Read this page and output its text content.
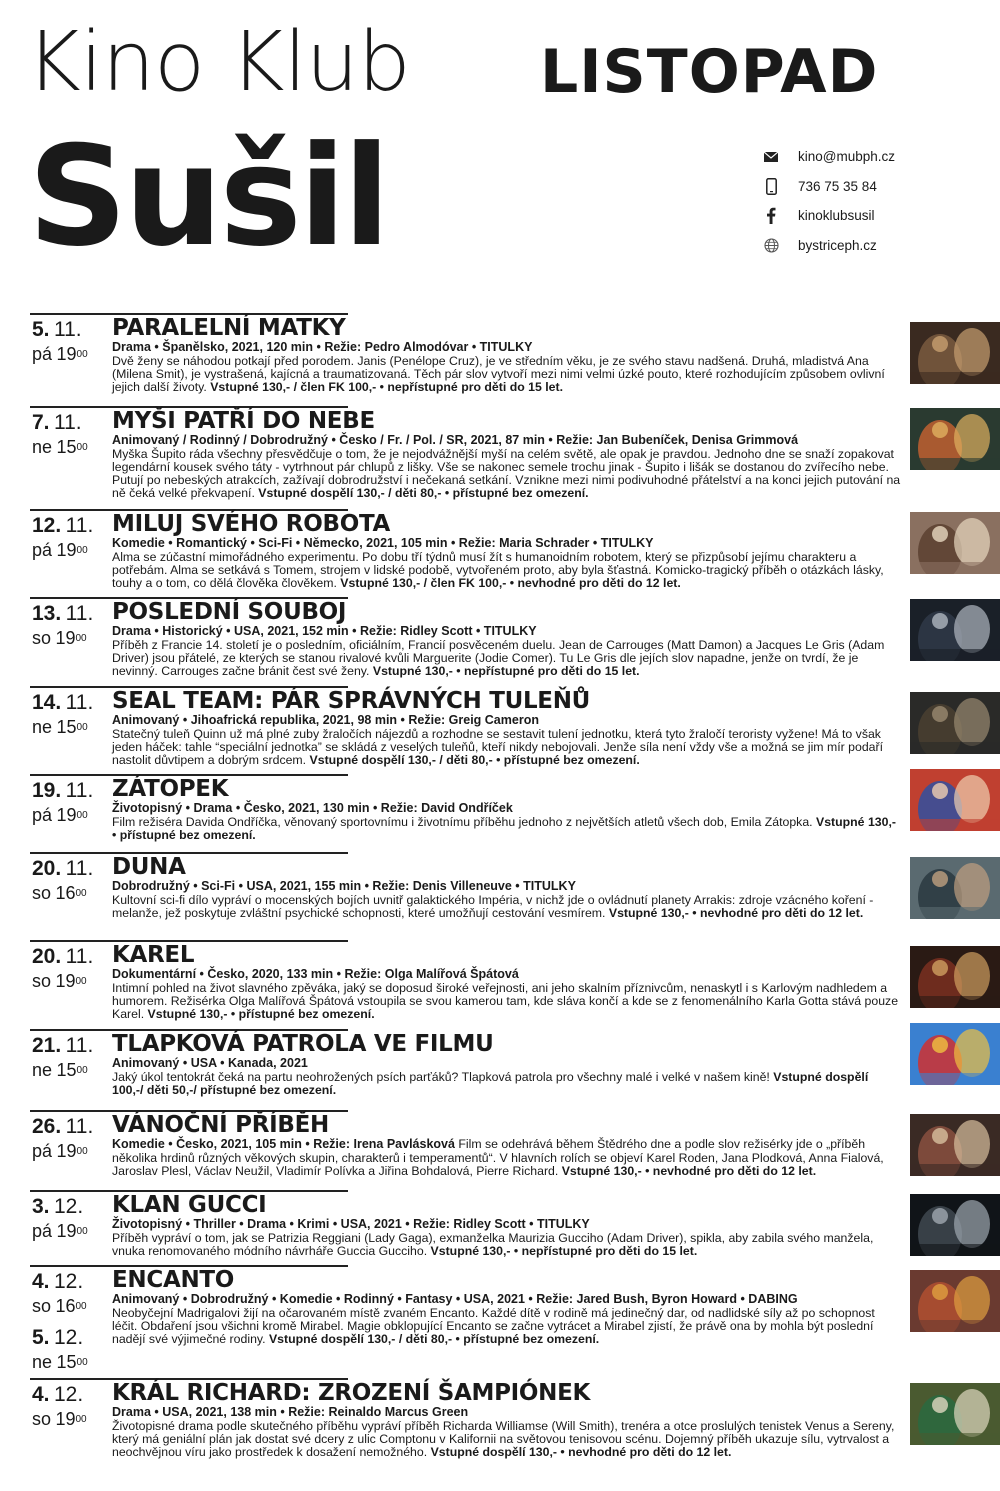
Kino Klub LISTOPAD
Sušil	kino@mubph.cz
736 75 35 84
kinoklubsusil
bystriceph.cz
5. 11.
pá $19^{00}$
PARALELNÍ MATKY
Drama • Španělsko, 2021, 120 min • Režie: Pedro Almodóvar • TITULKY
Dvě ženy se náhodou potkají před porodem. Janis (Penélope Cruz), je ve středním věku, je ze svého stavu nadšená. Druhá, mladistvá Ana (Milena Smit), je vystrašená, kajícná a traumatizovaná. Těch pár slov vytvoří mezi nimi velmi úzké pouto, které rozhodujícím způsobem ovlivní jejich další životy. Vstupné 130,- / člen FK 100,- • nepřístupné pro děti do 15 let.
7. 11.
ne $15^{00}$
MYŠI PATŘÍ DO NEBE
Animovaný / Rodinný / Dobrodružný • Česko / Fr. / Pol. / SR, 2021, 87 min • Režie: Jan Bubeníček, Denisa Grimmová
Myška Šupito ráda všechny přesvědčuje o tom, že je nejodvážnější myší na celém světě, ale opak je pravdou. Jednoho dne se snaží zopakovat legendární kousek svého táty - vytrhnout pár chlupů z lišky. Vše se nakonec semele trochu jinak - Šupito i lišák se dostanou do zvířecího nebe. Putují po nebeských atrakcích, zažívají dobrodružství i nečekaná setkání. Vznikne mezi nimi podivuhodné přátelství a na konci jejich putování na ně čeká velké překvapení. Vstupné dospělí 130,- / děti 80,- • přístupné bez omezení.
12. 11.
pá $19^{00}$
MILUJ SVÉHO ROBOTA
Komedie • Romantický • Sci-Fi • Německo, 2021, 105 min • Režie: Maria Schrader • TITULKY
Alma se zúčastní mimořádného experimentu. Po dobu tří týdnů musí žít s humanoidním robotem, který se přizpůsobí jejímu charakteru a potřebám. Alma se setkává s Tomem, strojem v lidské podobě, vytvořeném proto, aby byla šťastná. Komicko-tragický příběh o otázkách lásky, touhy a o tom, co dělá člověka člověkem. Vstupné 130,- / člen FK 100,- • nevhodné pro děti do 12 let.
13. 11.
so $19^{00}$
POSLEDNÍ SOUBOJ
Drama • Historický • USA, 2021, 152 min • Režie: Ridley Scott • TITULKY
Příběh z Francie 14. století je o posledním, oficiálním, Francií posvěceném duelu. Jean de Carrouges (Matt Damon) a Jacques Le Gris (Adam Driver) jsou přátelé, ze kterých se stanou rivalové kvůli Marguerite (Jodie Comer). Tu Le Gris dle jejích slov napadne, jenže on tvrdí, že je nevinný. Carrouges začne bránit čest své ženy. Vstupné 130,- • nepřístupné pro děti do 15 let.
14. 11.
ne $15^{00}$
SEAL TEAM: PÁR SPRÁVNÝCH TULEŇŮ
Animovaný • Jihoafrická republika, 2021, 98 min • Režie: Greig Cameron
Statečný tuleň Quinn už má plné zuby žraločích nájezdů a rozhodne se sestavit tulení jednotku, která tyto žraločí teroristy vyžene! Má to však jeden háček: tahle “speciální jednotka” se skládá z veselých tuleňů, kteří nikdy nebojovali. Jenže síla není vždy vše a možná se jim mír podaří nastolit důvtipem a dobrým srdcem. Vstupné dospělí 130,- / děti 80,- • přístupné bez omezení.
19. 11.
pá $19^{00}$
ZÁTOPEK
Životopisný • Drama • Česko, 2021, 130 min • Režie: David Ondříček
Film režiséra Davida Ondříčka, věnovaný sportovnímu i životnímu příběhu jednoho z největších atletů všech dob, Emila Zátopka. Vstupné 130,- • přístupné bez omezení.
20. 11.
so $16^{00}$
DUNA
Dobrodružný • Sci-Fi • USA, 2021, 155 min • Režie: Denis Villeneuve • TITULKY
Kultovní sci-fi dílo vypráví o mocenských bojích uvnitř galaktického Impéria, v nichž jde o ovládnutí planety Arrakis: zdroje vzácného koření - melanže, jež poskytuje zvláštní psychické schopnosti, které umožňují cestování vesmírem. Vstupné 130,- • nevhodné pro děti do 12 let.
20. 11.
so $19^{00}$
KAREL
Dokumentární • Česko, 2020, 133 min • Režie: Olga Malířová Špátová
Intimní pohled na život slavného zpěváka, jaký se doposud široké veřejnosti, ani jeho skalním příznivcům, nenaskytl i s Karlovým nadhledem a humorem. Režisérka Olga Malířová Špátová vstoupila se svou kamerou tam, kde sláva končí a kde se z fenomenálního Karla Gotta stává pouze Karel. Vstupné 130,- • přístupné bez omezení.
21. 11.
ne $15^{00}$
TLAPKOVÁ PATROLA VE FILMU
Animovaný • USA • Kanada, 2021
Jaký úkol tentokrát čeká na partu neohrožených psích parťáků? Tlapková patrola pro všechny malé i velké v našem kině! Vstupné dospělí 100,-/ děti 50,-/ přístupné bez omezení.
26. 11.
pá $19^{00}$
VÁNOČNÍ PŘÍBĚH
Komedie • Česko, 2021, 105 min • Režie: Irena Pavlásková Film se odehrává během Štědrého dne a podle slov režisérky jde o „příběh několika hrdinů různých věkových skupin, charakterů i temperamentů“. V hlavních rolích se objeví Karel Roden, Jana Plodková, Anna Fialová, Jaroslav Plesl, Václav Neužil, Vladimír Polívka a Jiřina Bohdalová, Pierre Richard. Vstupné 130,- • nevhodné pro děti do 12 let.
3. 12.
pá $19^{00}$
KLAN GUCCI
Životopisný • Thriller • Drama • Krimi • USA, 2021 • Režie: Ridley Scott • TITULKY
Příběh vypráví o tom, jak se Patrizia Reggiani (Lady Gaga), exmanželka Maurizia Gucciho (Adam Driver), spikla, aby zabila svého manžela, vnuka renomovaného módního návrháře Guccia Gucciho. Vstupné 130,- • nepřístupné pro děti do 15 let.
4. 12.
so $16^{00}$
5. 12.
ne $15^{00}$
ENCANTO
Animovaný • Dobrodružný • Komedie • Rodinný • Fantasy • USA, 2021 • Režie: Jared Bush, Byron Howard • DABING
Neobyčejní Madrigalovi žijí na očarovaném místě zvaném Encanto. Každé dítě v rodině má jedinečný dar, od nadlidské síly až po schopnost léčit. Obdaření jsou všichni kromě Mirabel. Magie obklopující Encanto se začne vytrácet a Mirabel zjistí, že právě ona by mohla být poslední nadějí své výjimečné rodiny. Vstupné dospělí 130,- / děti 80,- • přístupné bez omezení.
4. 12.
so $19^{00}$
KRÁL RICHARD: ZROZENÍ ŠAMPIÓNEK
Drama • USA, 2021, 138 min • Režie: Reinaldo Marcus Green
Životopisné drama podle skutečného příběhu vypráví příběh Richarda Williamse (Will Smith), trenéra a otce proslulých tenistek Venus a Sereny, který má geniální plán jak dostat své dcery z ulic Comptonu v Kalifornii na světovou tenisovou scénu. Dojemný příběh ukazuje sílu, vytrvalost a neochvějnou víru jako prostředek k dosažení nemožného. Vstupné dospělí 130,- • nevhodné pro děti do 12 let.
